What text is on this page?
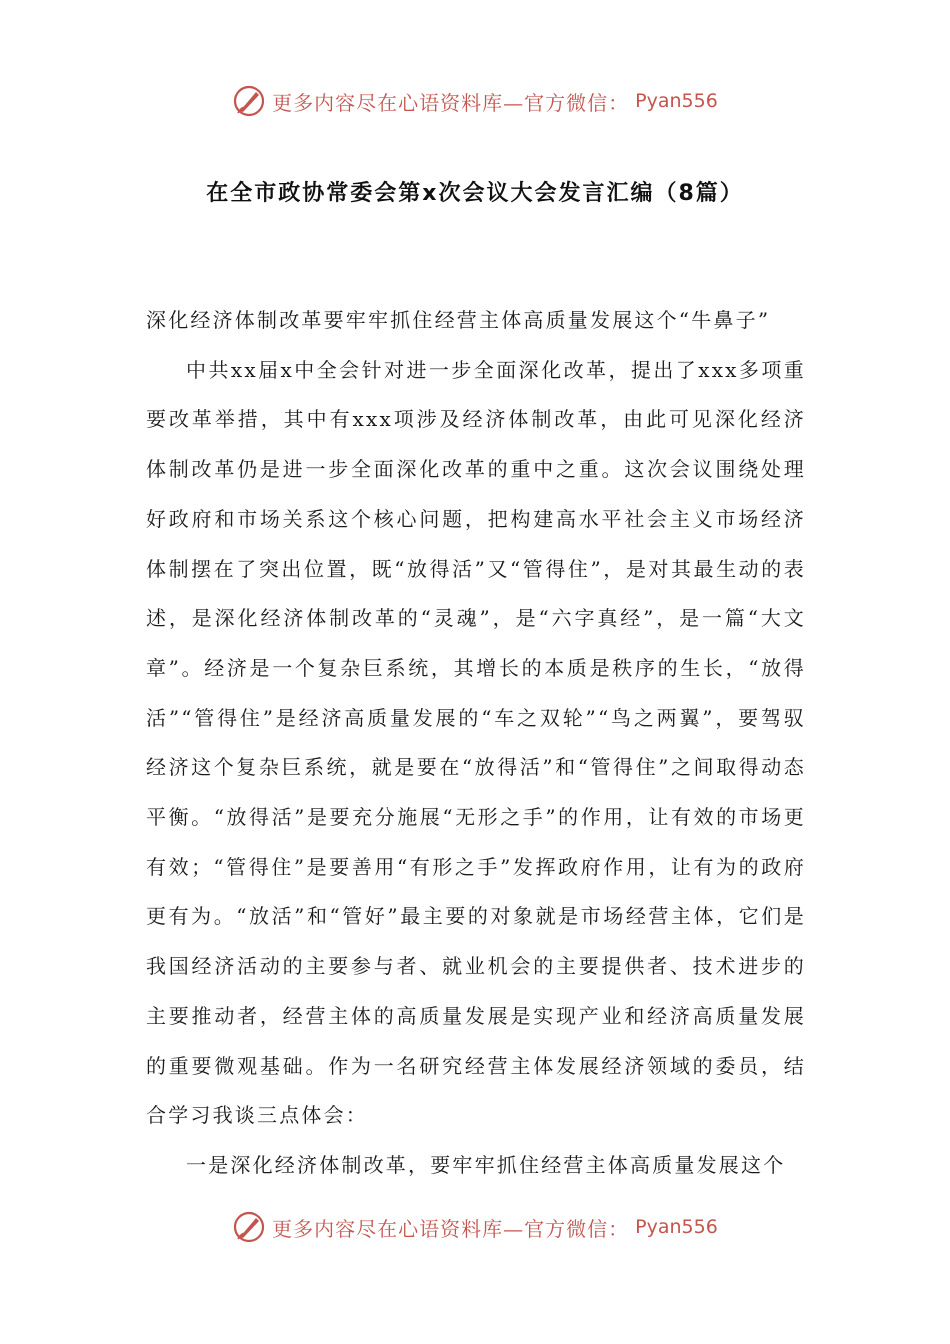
更多内容尽在心语资料库—官方微信： Pyan556
在全市政协常委会第x次会议大会发言汇编（8篇）

深化经济体制改革要牢牢抓住经营主体高质量发展这个“牛鼻子”

中共xx届x中全会针对进一步全面深化改革，提出了xxx多项重要改革举措，其中有xxx项涉及经济体制改革，由此可见深化经济体制改革仍是进一步全面深化改革的重中之重。这次会议围绕处理好政府和市场关系这个核心问题，把构建高水平社会主义市场经济体制摆在了突出位置，既“放得活”又“管得住”，是对其最生动的表述，是深化经济体制改革的“灵魂”，是“六字真经”，是一篇“大文章”。经济是一个复杂巨系统，其增长的本质是秩序的生长，“放得活”“管得住”是经济高质量发展的“车之双轮”“鸟之两翼”，要驾驭经济这个复杂巨系统，就是要在“放得活”和“管得住”之间取得动态平衡。“放得活”是要充分施展“无形之手”的作用，让有效的市场更有效；“管得住”是要善用“有形之手”发挥政府作用，让有为的政府更有为。“放活”和“管好”最主要的对象就是市场经营主体，它们是我国经济活动的主要参与者、就业机会的主要提供者、技术进步的主要推动者，经营主体的高质量发展是实现产业和经济高质量发展的重要微观基础。作为一名研究经营主体发展经济领域的委员，结合学习我谈三点体会：

一是深化经济体制改革，要牢牢抓住经营主体高质量发展这个

更多内容尽在心语资料库—官方微信： Pyan556
